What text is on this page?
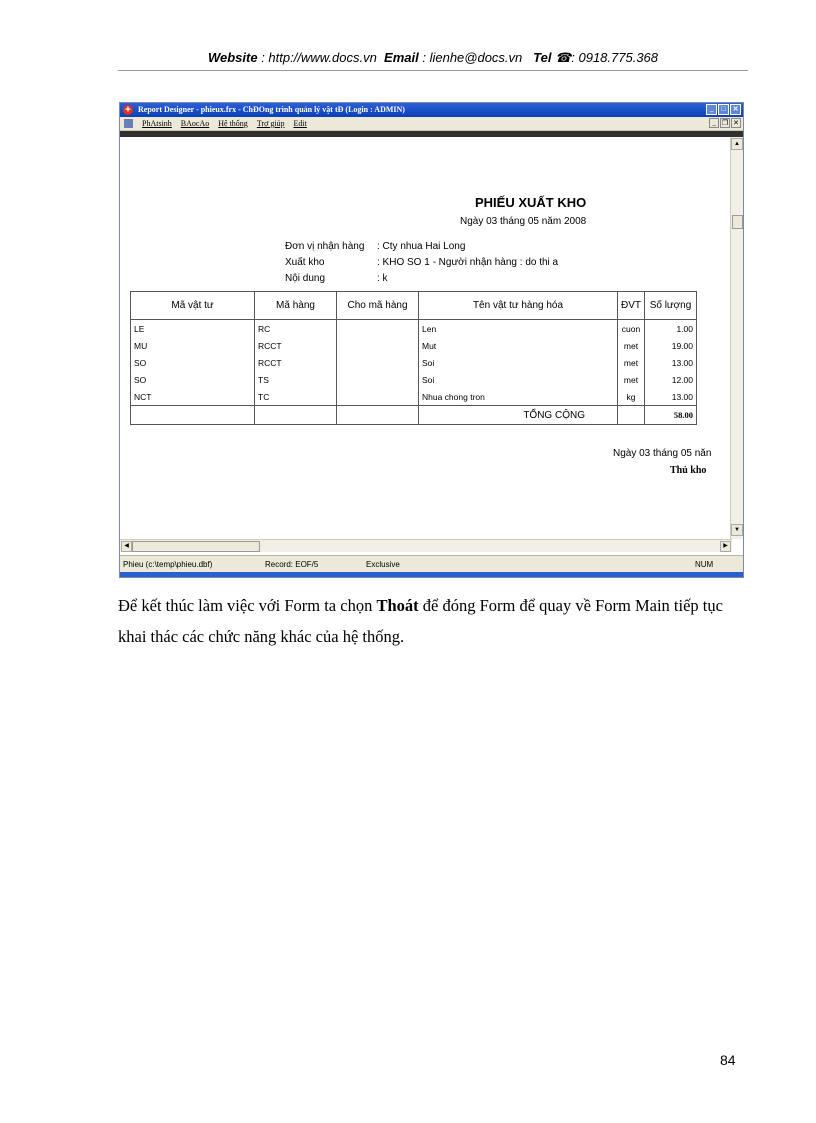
Website : http://www.docs.vn Email : lienhe@docs.vn Tel ☎: 0918.775.368
✦ Report Designer - phieux.frx - ChĐOng trình quản lý vật tĐ (Login : ADMIN)	_	□ ✕
PhAtsinh BAocAo Hệ thống Trợ giúp Edit	_ ❐ ✕
PHIẾU XUẤT KHO
Ngày 03 tháng 05 năm 2008
Đơn vị nhận hàng : Cty nhua Hai Long
Xuất kho	: KHO SO 1 - Người nhận hàng : do thi a
Nội dung	: k
Mã vật tư	Mã hàng	Cho mã hàng	Tên vật tư hàng hóa	ĐVT	Số lượng
LE	RC		Len	cuon	1.00
MU	RCCT		Mut	met	19.00
SO	RCCT		Soi	met	13.00
SO	TS		Soi	met	12.00
NCT	TC		Nhua chong tron	kg	13.00
			TỔNG CỘNG		58.00
Ngày 03 tháng 05 năn
Thủ kho
▲
▼
◀	▶
Phieu (c:\temp\phieu.dbf)	Record: EOF/5	Exclusive	NUM
Để kết thúc làm việc với Form ta chọn Thoát để đóng Form để quay về Form Main tiếp tục khai thác các chức năng khác của hệ thống.
84
